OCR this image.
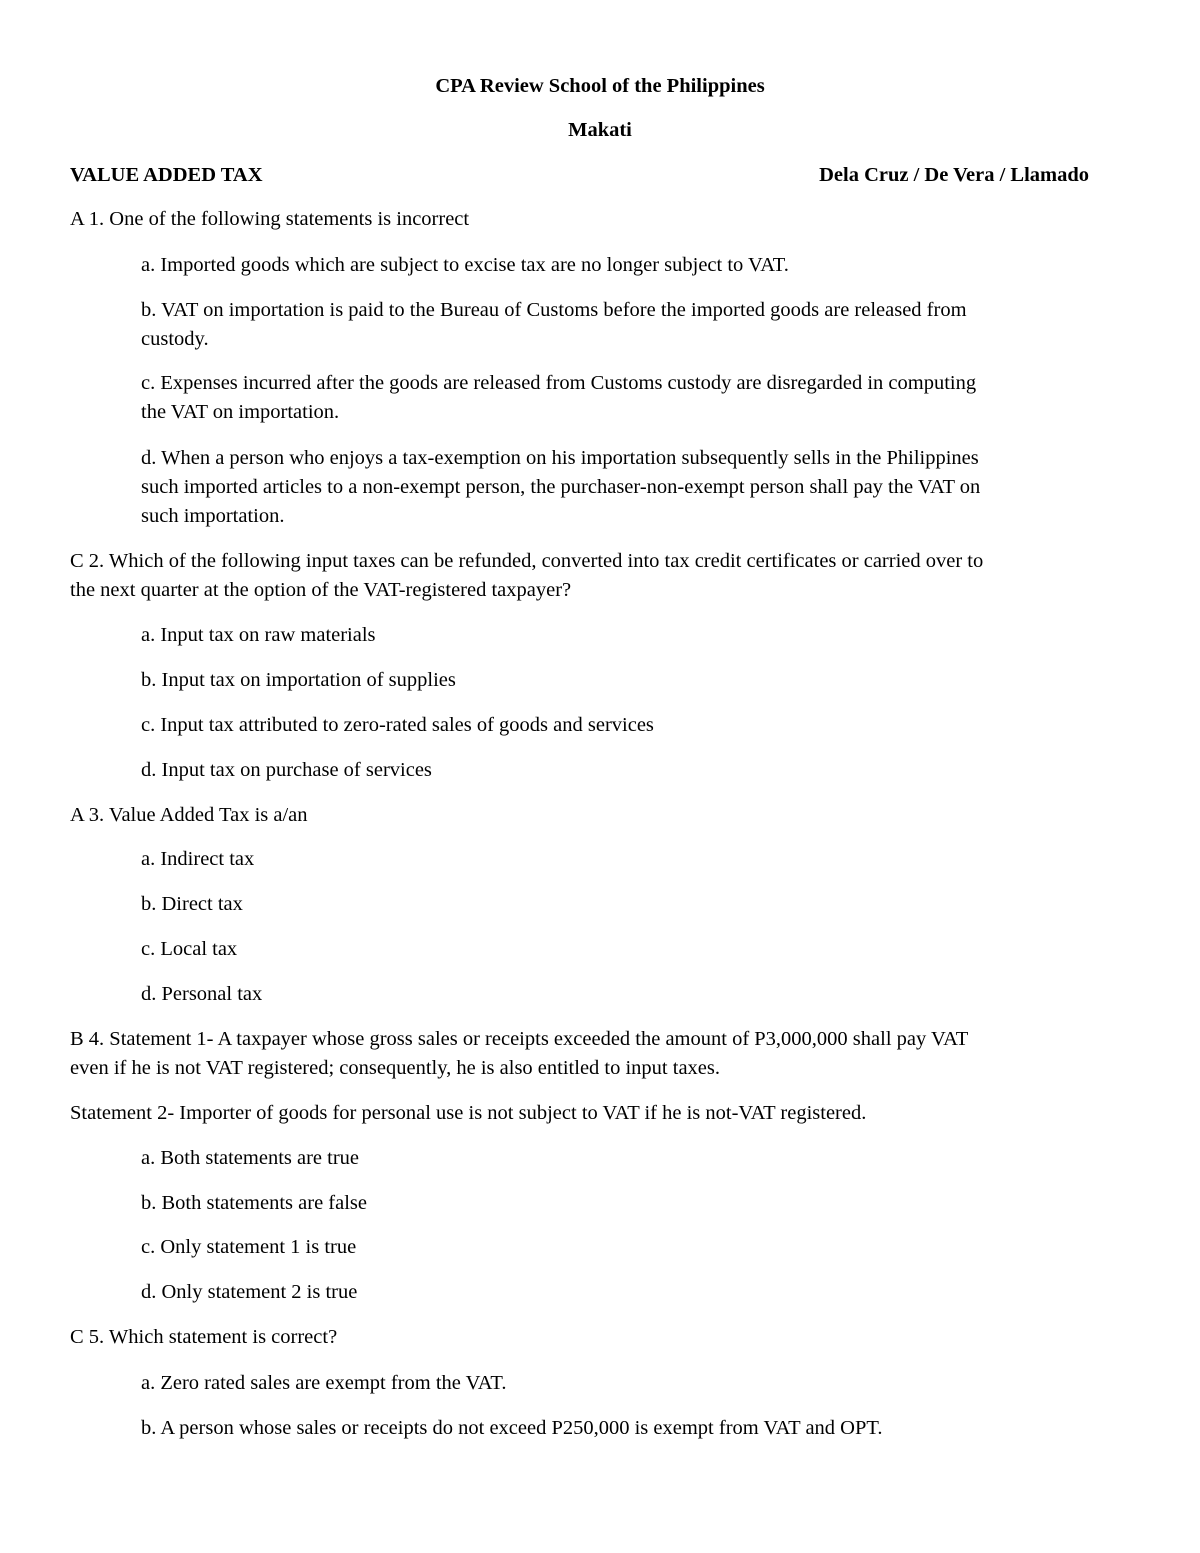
CPA Review School of the Philippines
Makati
VALUE ADDED TAX	Dela Cruz / De Vera / Llamado
A 1. One of the following statements is incorrect
a. Imported goods which are subject to excise tax are no longer subject to VAT.
b. VAT on importation is paid to the Bureau of Customs before the imported goods are released from
custody.
c. Expenses incurred after the goods are released from Customs custody are disregarded in computing
the VAT on importation.
d. When a person who enjoys a tax-exemption on his importation subsequently sells in the Philippines
such imported articles to a non-exempt person, the purchaser-non-exempt person shall pay the VAT on
such importation.
C 2. Which of the following input taxes can be refunded, converted into tax credit certificates or carried over to
the next quarter at the option of the VAT-registered taxpayer?
a. Input tax on raw materials
b. Input tax on importation of supplies
c. Input tax attributed to zero-rated sales of goods and services
d. Input tax on purchase of services
A 3. Value Added Tax is a/an
a. Indirect tax
b. Direct tax
c. Local tax
d. Personal tax
B 4. Statement 1- A taxpayer whose gross sales or receipts exceeded the amount of P3,000,000 shall pay VAT
even if he is not VAT registered; consequently, he is also entitled to input taxes.
Statement 2- Importer of goods for personal use is not subject to VAT if he is not-VAT registered.
a. Both statements are true
b. Both statements are false
c. Only statement 1 is true
d. Only statement 2 is true
C 5. Which statement is correct?
a. Zero rated sales are exempt from the VAT.
b. A person whose sales or receipts do not exceed P250,000 is exempt from VAT and OPT.
